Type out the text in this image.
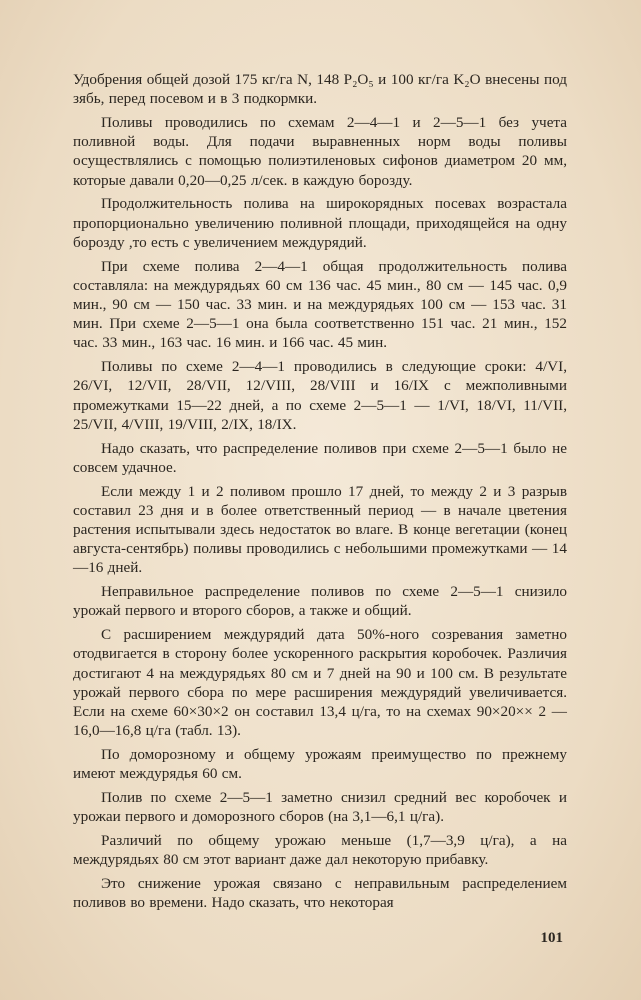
Удобрения общей дозой 175 кг/га N, 148 P₂O₅ и 100 кг/га K₂O внесены под зябь, перед посевом и в 3 подкормки.

Поливы проводились по схемам 2—4—1 и 2—5—1 без учета поливной воды. Для подачи выравненных норм воды поливы осуществлялись с помощью полиэтиленовых сифонов диаметром 20 мм, которые давали 0,20—0,25 л/сек. в каждую борозду.

Продолжительность полива на широкорядных посевах возрастала пропорционально увеличению поливной площади, приходящейся на одну борозду ,то есть с увеличением междурядий.

При схеме полива 2—4—1 общая продолжительность полива составляла: на междурядьях 60 см 136 час. 45 мин., 80 см — 145 час. 0,9 мин., 90 см — 150 час. 33 мин. и на междурядьях 100 см — 153 час. 31 мин. При схеме 2—5—1 она была соответственно 151 час. 21 мин., 152 час. 33 мин., 163 час. 16 мин. и 166 час. 45 мин.

Поливы по схеме 2—4—1 проводились в следующие сроки: 4/VI, 26/VI, 12/VII, 28/VII, 12/VIII, 28/VIII и 16/IX с межполивными промежутками 15—22 дней, а по схеме 2—5—1 — 1/VI, 18/VI, 11/VII, 25/VII, 4/VIII, 19/VIII, 2/IX, 18/IX.

Надо сказать, что распределение поливов при схеме 2—5—1 было не совсем удачное.

Если между 1 и 2 поливом прошло 17 дней, то между 2 и 3 разрыв составил 23 дня и в более ответственный период — в начале цветения растения испытывали здесь недостаток во влаге. В конце вегетации (конец августа-сентябрь) поливы проводились с небольшими промежутками — 14—16 дней.

Неправильное распределение поливов по схеме 2—5—1 снизило урожай первого и второго сборов, а также и общий.

С расширением междурядий дата 50%-ного созревания заметно отодвигается в сторону более ускоренного раскрытия коробочек. Различия достигают 4 на междурядьях 80 см и 7 дней на 90 и 100 см. В результате урожай первого сбора по мере расширения междурядий увеличивается. Если на схеме 60×30×2 он составил 13,4 ц/га, то на схемах 90×20×× 2 — 16,0—16,8 ц/га (табл. 13).

По доморозному и общему урожаям преимущество по прежнему имеют междурядья 60 см.

Полив по схеме 2—5—1 заметно снизил средний вес коробочек и урожаи первого и доморозного сборов (на 3,1—6,1 ц/га).

Различий по общему урожаю меньше (1,7—3,9 ц/га), а на междурядьях 80 см этот вариант даже дал некоторую прибавку.

Это снижение урожая связано с неправильным распределением поливов во времени. Надо сказать, что некоторая

101
